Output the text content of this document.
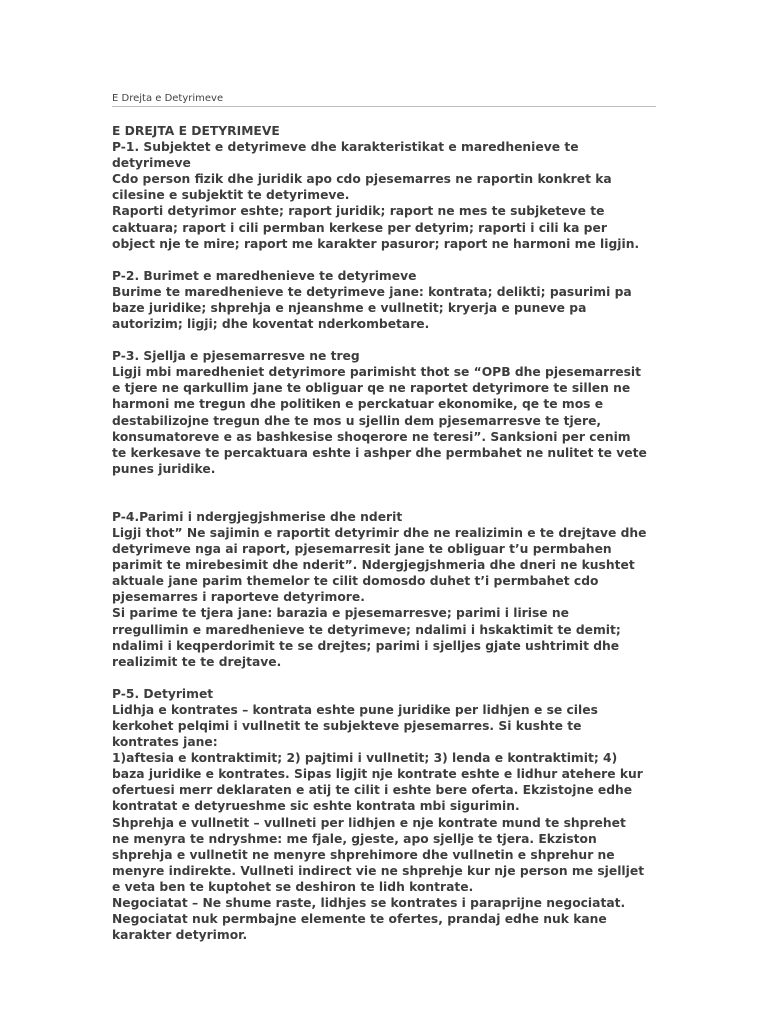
E Drejta e Detyrimeve
E DREJTA E DETYRIMEVE
P-1. Subjektet e detyrimeve dhe karakteristikat e maredhenieve te
detyrimeve
Cdo person fizik dhe juridik apo cdo pjesemarres ne raportin konkret ka
cilesine e subjektit te detyrimeve.
Raporti detyrimor eshte; raport juridik; raport ne mes te subjketeve te
caktuara; raport i cili permban kerkese per detyrim; raporti i cili ka per
object nje te mire; raport me karakter pasuror; raport ne harmoni me ligjin.
P-2. Burimet e maredhenieve te detyrimeve
Burime te maredhenieve te detyrimeve jane: kontrata; delikti; pasurimi pa
baze juridike; shprehja e njeanshme e vullnetit; kryerja e puneve pa
autorizim; ligji; dhe koventat nderkombetare.
P-3. Sjellja e pjesemarresve ne treg
Ligji mbi maredheniet detyrimore parimisht thot se “OPB dhe pjesemarresit
e tjere ne qarkullim jane te obliguar qe ne raportet detyrimore te sillen ne
harmoni me tregun dhe politiken e perckatuar ekonomike, qe te mos e
destabilizojne tregun dhe te mos u sjellin dem pjesemarresve te tjere,
konsumatoreve e as bashkesise shoqerore ne teresi”. Sanksioni per cenim
te kerkesave te percaktuara eshte i ashper dhe permbahet ne nulitet te vete
punes juridike.
P-4.Parimi i ndergjegjshmerise dhe nderit
Ligji thot” Ne sajimin e raportit detyrimir dhe ne realizimin e te drejtave dhe
detyrimeve nga ai raport, pjesemarresit jane te obliguar t’u permbahen
parimit te mirebesimit dhe nderit”. Ndergjegjshmeria dhe dneri ne kushtet
aktuale jane parim themelor te cilit domosdo duhet t’i permbahet cdo
pjesemarres i raporteve detyrimore.
Si parime te tjera jane: barazia e pjesemarresve; parimi i lirise ne
rregullimin e maredhenieve te detyrimeve; ndalimi i hskaktimit te demit;
ndalimi i keqperdorimit te se drejtes; parimi i sjelljes gjate ushtrimit dhe
realizimit te te drejtave.
P-5. Detyrimet
Lidhja e kontrates – kontrata eshte pune juridike per lidhjen e se ciles
kerkohet pelqimi i vullnetit te subjekteve pjesemarres. Si kushte te
kontrates jane:
1)aftesia e kontraktimit; 2) pajtimi i vullnetit; 3) lenda e kontraktimit; 4)
baza juridike e kontrates. Sipas ligjit nje kontrate eshte e lidhur atehere kur
ofertuesi merr deklaraten e atij te cilit i eshte bere oferta. Ekzistojne edhe
kontratat e detyrueshme sic eshte kontrata mbi sigurimin.
Shprehja e vullnetit – vullneti per lidhjen e nje kontrate mund te shprehet
ne menyra te ndryshme: me fjale, gjeste, apo sjellje te tjera. Ekziston
shprehja e vullnetit ne menyre shprehimore dhe vullnetin e shprehur ne
menyre indirekte. Vullneti indirect vie ne shprehje kur nje person me sjelljet
e veta ben te kuptohet se deshiron te lidh kontrate.
Negociatat – Ne shume raste, lidhjes se kontrates i paraprijne negociatat.
Negociatat nuk permbajne elemente te ofertes, prandaj edhe nuk kane
karakter detyrimor.
